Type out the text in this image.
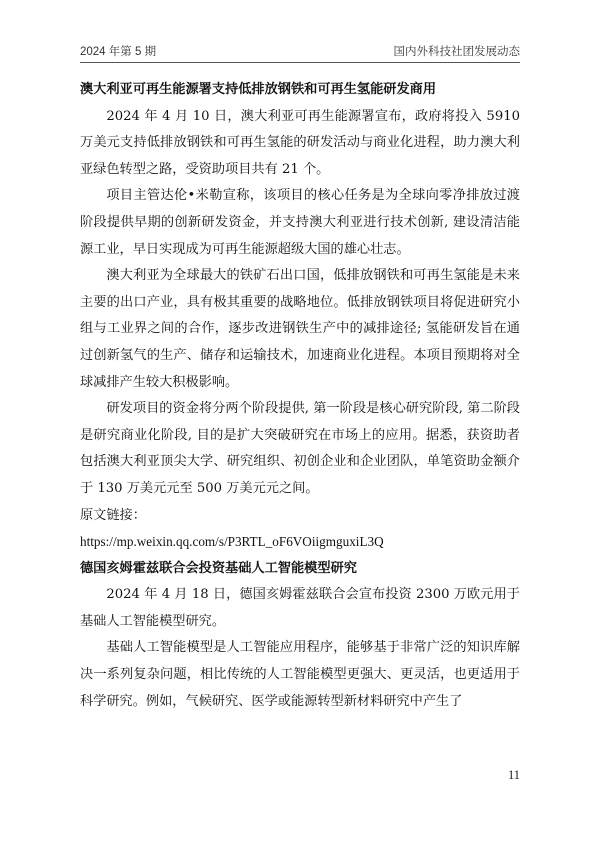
2024 年第 5 期	国内外科技社团发展动态
澳大利亚可再生能源署支持低排放钢铁和可再生氢能研发商用

2024 年 4 月 10 日，澳大利亚可再生能源署宣布，政府将投入 5910 万美元支持低排放钢铁和可再生氢能的研发活动与商业化进程，助力澳大利亚绿色转型之路，受资助项目共有 21 个。

项目主管达伦•米勒宣称，该项目的核心任务是为全球向零净排放过渡阶段提供早期的创新研发资金，并支持澳大利亚进行技术创新, 建设清洁能源工业，早日实现成为可再生能源超级大国的雄心壮志。

澳大利亚为全球最大的铁矿石出口国，低排放钢铁和可再生氢能是未来主要的出口产业，具有极其重要的战略地位。低排放钢铁项目将促进研究小组与工业界之间的合作，逐步改进钢铁生产中的减排途径; 氢能研发旨在通过创新氢气的生产、储存和运输技术，加速商业化进程。本项目预期将对全球减排产生较大积极影响。

研发项目的资金将分两个阶段提供, 第一阶段是核心研究阶段, 第二阶段是研究商业化阶段, 目的是扩大突破研究在市场上的应用。据悉，获资助者包括澳大利亚顶尖大学、研究组织、初创企业和企业团队，单笔资助金额介于 130 万美元元至 500 万美元元之间。

原文链接：

https://mp.weixin.qq.com/s/P3RTL_oF6VOiigmguxiL3Q

德国亥姆霍兹联合会投资基础人工智能模型研究

2024 年 4 月 18 日，德国亥姆霍兹联合会宣布投资 2300 万欧元用于基础人工智能模型研究。

基础人工智能模型是人工智能应用程序，能够基于非常广泛的知识库解决一系列复杂问题，相比传统的人工智能模型更强大、更灵活，也更适用于科学研究。例如，气候研究、医学或能源转型新材料研究中产生了

11
